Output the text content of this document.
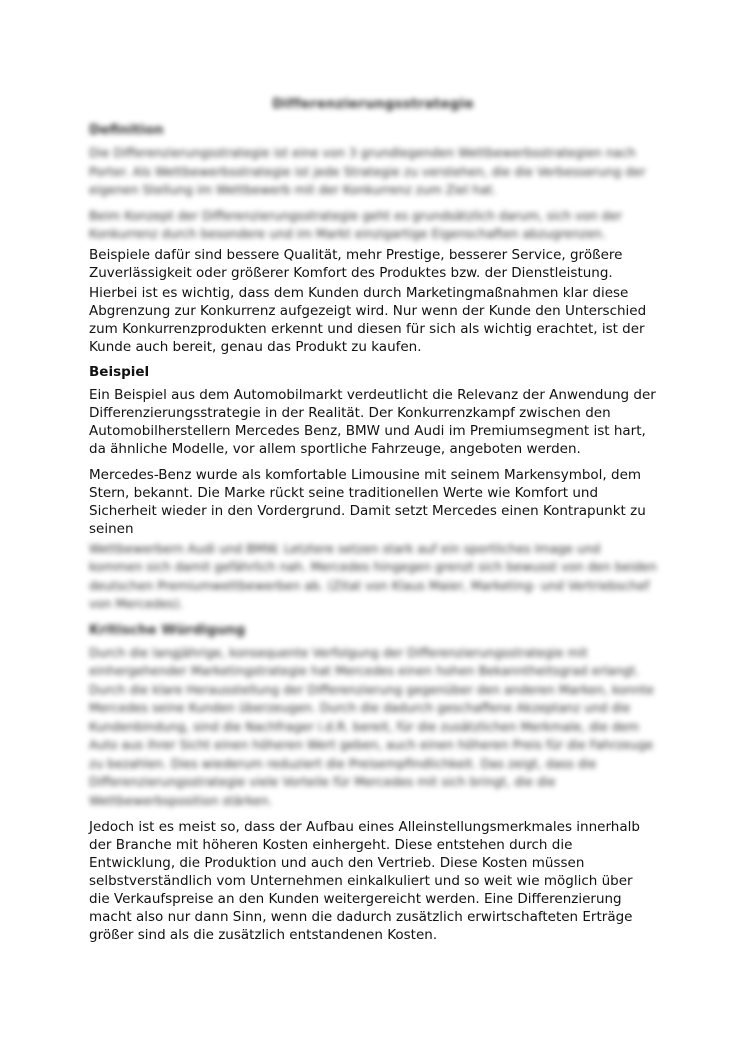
Differenzierungsstrategie
Definition

Die Differenzierungsstrategie ist eine von 3 grundlegenden Wettbewerbsstrategien nach Porter. Als Wettbewerbsstrategie ist jede Strategie zu verstehen, die die Verbesserung der eigenen Stellung im Wettbewerb mit der Konkurrenz zum Ziel hat.

Beim Konzept der Differenzierungsstrategie geht es grundsätzlich darum, sich von der Konkurrenz durch besondere und im Markt einzigartige Eigenschaften abzugrenzen.

Beispiele dafür sind bessere Qualität, mehr Prestige, besserer Service, größere Zuverlässigkeit oder größerer Komfort des Produktes bzw. der Dienstleistung.

Hierbei ist es wichtig, dass dem Kunden durch Marketingmaßnahmen klar diese Abgrenzung zur Konkurrenz aufgezeigt wird. Nur wenn der Kunde den Unterschied zum Konkurrenzprodukten erkennt und diesen für sich als wichtig erachtet, ist der Kunde auch bereit, genau das Produkt zu kaufen.

Beispiel

Ein Beispiel aus dem Automobilmarkt verdeutlicht die Relevanz der Anwendung der Differenzierungsstrategie in der Realität. Der Konkurrenzkampf zwischen den Automobilherstellern Mercedes Benz, BMW und Audi im Premiumsegment ist hart, da ähnliche Modelle, vor allem sportliche Fahrzeuge, angeboten werden.

Mercedes-Benz wurde als komfortable Limousine mit seinem Markensymbol, dem Stern, bekannt. Die Marke rückt seine traditionellen Werte wie Komfort und Sicherheit wieder in den Vordergrund. Damit setzt Mercedes einen Kontrapunkt zu seinen

Wettbewerbern Audi und BMW. Letztere setzen stark auf ein sportliches Image und kommen sich damit gefährlich nah. Mercedes hingegen grenzt sich bewusst von den beiden deutschen Premiumwettbewerben ab. (Zitat von Klaus Maier, Marketing- und Vertriebschef von Mercedes).

Kritische Würdigung

Durch die langjährige, konsequente Verfolgung der Differenzierungsstrategie mit einhergehender Marketingstrategie hat Mercedes einen hohen Bekanntheitsgrad erlangt. Durch die klare Herausstellung der Differenzierung gegenüber den anderen Marken, konnte Mercedes seine Kunden überzeugen. Durch die dadurch geschaffene Akzeptanz und die Kundenbindung, sind die Nachfrager i.d.R. bereit, für die zusätzlichen Merkmale, die dem Auto aus ihrer Sicht einen höheren Wert geben, auch einen höheren Preis für die Fahrzeuge zu bezahlen. Dies wiederum reduziert die Preisempfindlichkeit. Das zeigt, dass die Differenzierungsstrategie viele Vorteile für Mercedes mit sich bringt, die die Wettbewerbsposition stärken.

Jedoch ist es meist so, dass der Aufbau eines Alleinstellungsmerkmales innerhalb der Branche mit höheren Kosten einhergeht. Diese entstehen durch die Entwicklung, die Produktion und auch den Vertrieb. Diese Kosten müssen selbstverständlich vom Unternehmen einkalkuliert und so weit wie möglich über die Verkaufspreise an den Kunden weitergereicht werden. Eine Differenzierung macht also nur dann Sinn, wenn die dadurch zusätzlich erwirtschafteten Erträge größer sind als die zusätzlich entstandenen Kosten.
